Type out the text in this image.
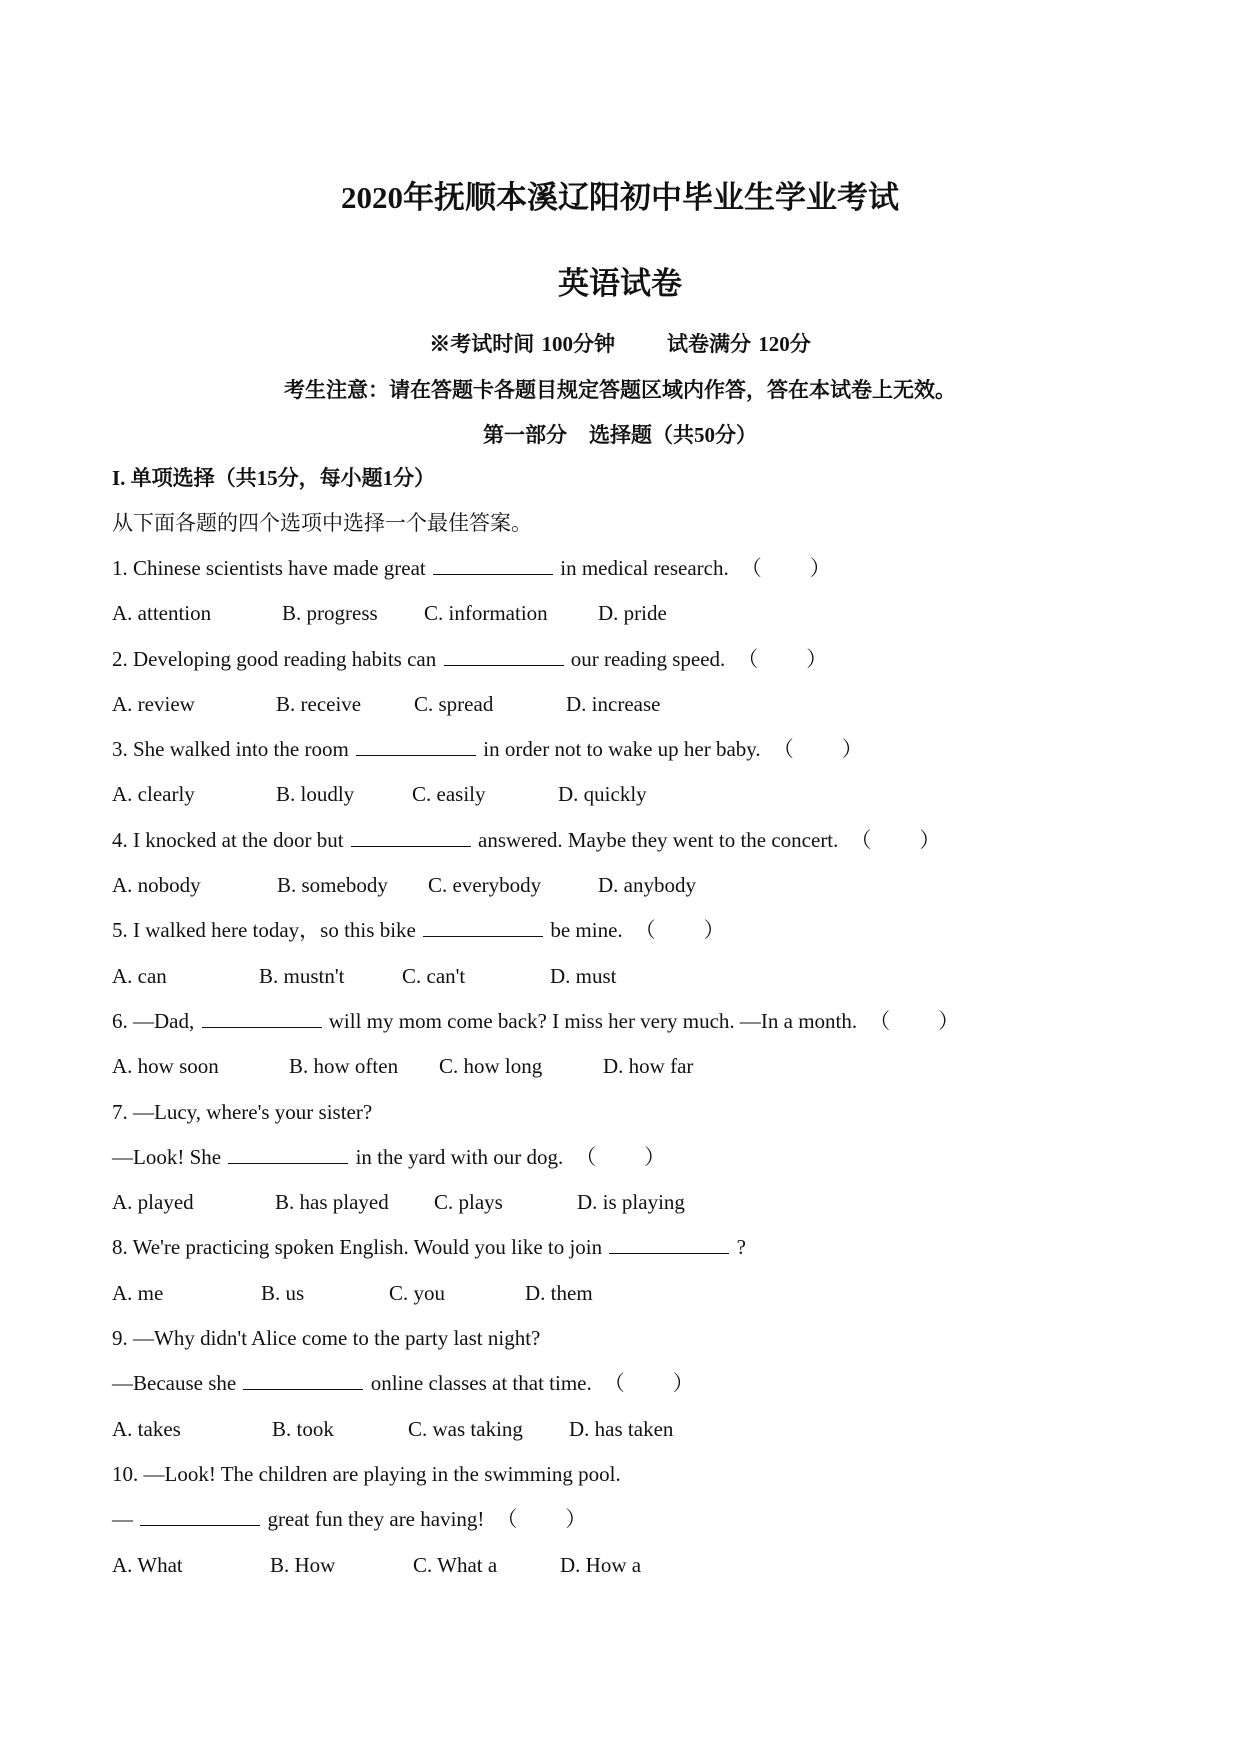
2020年抚顺本溪辽阳初中毕业生学业考试
英语试卷
※考试时间 100分钟 试卷满分 120分
考生注意：请在答题卡各题目规定答题区域内作答，答在本试卷上无效。
第一部分 选择题（共50分）
I. 单项选择（共15分，每小题1分）
从下面各题的四个选项中选择一个最佳答案。
1. Chinese scientists have made great	in medical research. （ ）
A. attention	B. progress C. information D. pride
2. Developing good reading habits can	our reading speed. （ ）
A. review	B. receive	C. spread	D. increase
3. She walked into the room	in order not to wake up her baby. （ ）
A. clearly	B. loudly	C. easily	D. quickly
4. I knocked at the door but	answered. Maybe they went to the concert. （ ）
A. nobody	B. somebody C. everybody	D. anybody
5. I walked here today，so this bike	be mine. （ ）
A. can	B. mustn't	C. can't	D. must
6. —Dad,	will my mom come back? I miss her very much. —In a month. （ ）
A. how soon	B. how often C. how long	D. how far
7. —Lucy, where's your sister?
—Look! She	in the yard with our dog. （ ）
A. played	B. has played C. plays	D. is playing
8. We're practicing spoken English. Would you like to join	?
A. me	B. us	C. you	D. them
9. —Why didn't Alice come to the party last night?
—Because she	online classes at that time. （ ）
A. takes	B. took	C. was taking D. has taken
10. —Look! The children are playing in the swimming pool.
—	great fun they are having! （ ）
A. What	B. How	C. What a	D. How a
